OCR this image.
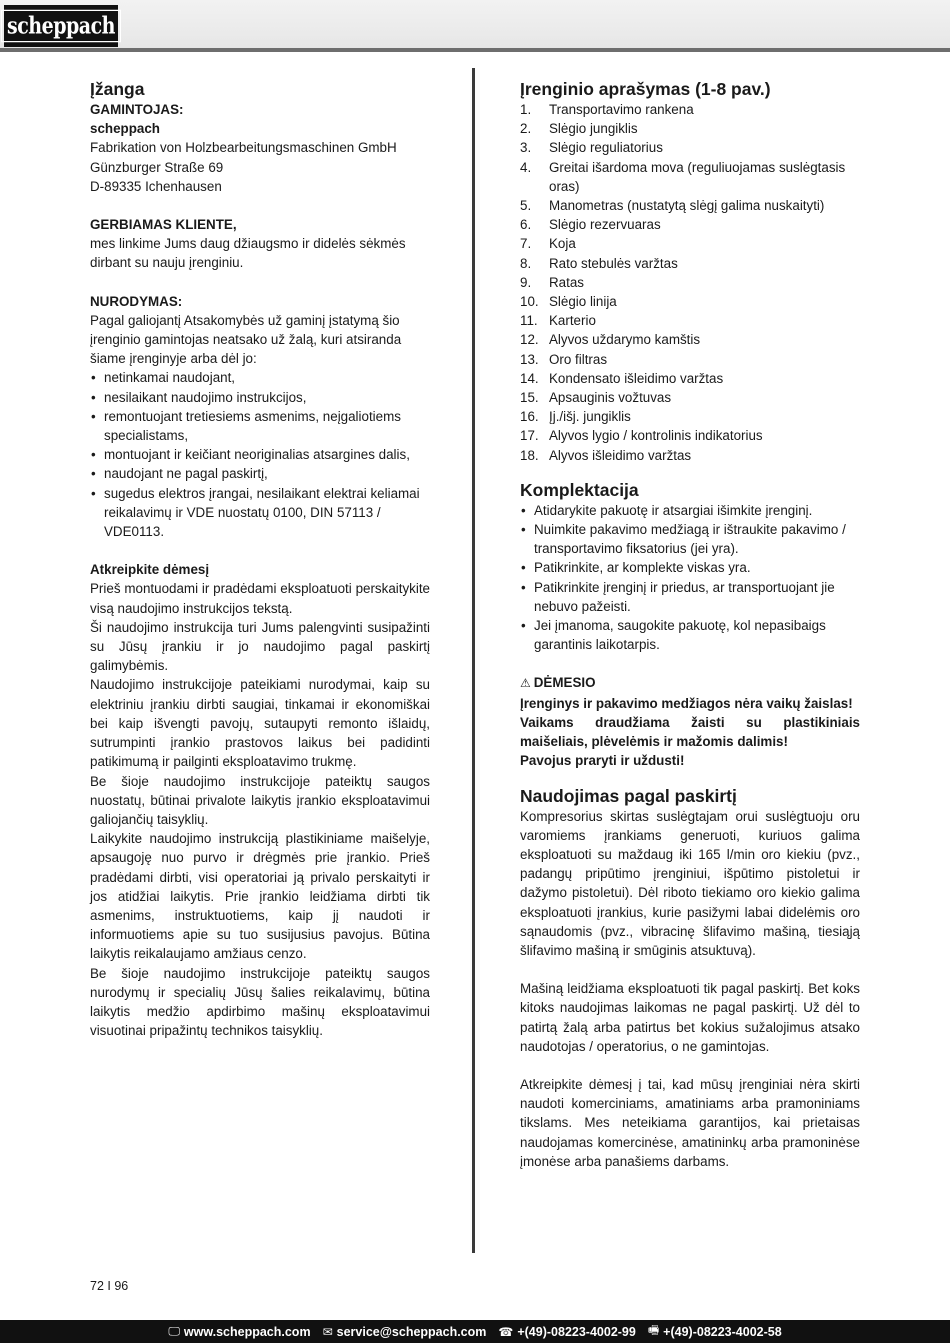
scheppach
Įžanga

GAMINTOJAS:

scheppach

Fabrikation von Holzbearbeitungsmaschinen GmbH

Günzburger Straße 69

D-89335 Ichenhausen

GERBIAMAS KLIENTE,

mes linkime Jums daug džiaugsmo ir didelės sėkmės dirbant su nauju įrenginiu.

NURODYMAS:

Pagal galiojantį Atsakomybės už gaminį įstatymą šio įrenginio gamintojas neatsako už žalą, kuri atsiranda šiame įrenginyje arba dėl jo:

• netinkamai naudojant,
• nesilaikant naudojimo instrukcijos,
• remontuojant tretiesiems asmenims, neįgaliotiems specialistams,
• montuojant ir keičiant neoriginalias atsargines dalis,
• naudojant ne pagal paskirtį,
• sugedus elektros įrangai, nesilaikant elektrai keliamai reikalavimų ir VDE nuostatų 0100, DIN 57113 / VDE0113.

Atkreipkite dėmesį

Prieš montuodami ir pradėdami eksploatuoti perskaitykite visą naudojimo instrukcijos tekstą.

Ši naudojimo instrukcija turi Jums palengvinti susipažinti su Jūsų įrankiu ir jo naudojimo pagal paskirtį galimybėmis.

Naudojimo instrukcijoje pateikiami nurodymai, kaip su elektriniu įrankiu dirbti saugiai, tinkamai ir ekonomiškai bei kaip išvengti pavojų, sutaupyti remonto išlaidų, sutrumpinti įrankio prastovos laikus bei padidinti patikimumą ir pailginti eksploatavimo trukmę.

Be šioje naudojimo instrukcijoje pateiktų saugos nuostatų, būtinai privalote laikytis įrankio eksploatavimui galiojančių taisyklių.

Laikykite naudojimo instrukciją plastikiniame maišelyje, apsaugoję nuo purvo ir drėgmės prie įrankio. Prieš pradėdami dirbti, visi operatoriai ją privalo perskaityti ir jos atidžiai laikytis. Prie įrankio leidžiama dirbti tik asmenims, instruktuotiems, kaip jį naudoti ir informuotiems apie su tuo susijusius pavojus. Būtina laikytis reikalaujamo amžiaus cenzo.

Be šioje naudojimo instrukcijoje pateiktų saugos nurodymų ir specialių Jūsų šalies reikalavimų, būtina laikytis medžio apdirbimo mašinų eksploatavimui visuotinai pripažintų technikos taisyklių.

Įrenginio aprašymas (1-8 pav.)
1.	Transportavimo rankena
2.	Slėgio jungiklis
3.	Slėgio reguliatorius
4.	Greitai išardoma mova (reguliuojamas suslėgtasis oras)
5.	Manometras (nustatytą slėgį galima nuskaityti)
6.	Slėgio rezervuaras
7.	Koja
8.	Rato stebulės varžtas
9.	Ratas
10. Slėgio linija
11. Karterio
12. Alyvos uždarymo kamštis
13. Oro filtras
14. Kondensato išleidimo varžtas
15. Apsauginis vožtuvas
16. Įj./išj. jungiklis
17. Alyvos lygio / kontrolinis indikatorius
18. Alyvos išleidimo varžtas
Komplektacija
• Atidarykite pakuotę ir atsargiai išimkite įrenginį.
• Nuimkite pakavimo medžiagą ir ištraukite pakavimo / transportavimo fiksatorius (jei yra).
• Patikrinkite, ar komplekte viskas yra.
• Patikrinkite įrenginį ir priedus, ar transportuojant jie nebuvo pažeisti.
• Jei įmanoma, saugokite pakuotę, kol nepasibaigs garantinis laikotarpis.

⚠ DĖMESIO

Įrenginys ir pakavimo medžiagos nėra vaikų žaislas!

Vaikams draudžiama žaisti su plastikiniais maišeliais, plėvelėmis ir mažomis dalimis!

Pavojus praryti ir uždusti!

Naudojimas pagal paskirtį

Kompresorius skirtas suslėgtajam orui suslėgtuoju oru varomiems įrankiams generuoti, kuriuos galima eksploatuoti su maždaug iki 165 l/min oro kiekiu (pvz., padangų pripūtimo įrenginiui, išpūtimo pistoletui ir dažymo pistoletui). Dėl riboto tiekiamo oro kiekio galima eksploatuoti įrankius, kurie pasižymi labai didelėmis oro sąnaudomis (pvz., vibracinę šlifavimo mašiną, tiesiąją šlifavimo mašiną ir smūginis atsuktuvą).

Mašiną leidžiama eksploatuoti tik pagal paskirtį. Bet koks kitoks naudojimas laikomas ne pagal paskirtį. Už dėl to patirtą žalą arba patirtus bet kokius sužalojimus atsako naudotojas / operatorius, o ne gamintojas.

Atkreipkite dėmesį į tai, kad mūsų įrenginiai nėra skirti naudoti komerciniams, amatiniams arba pramoniniams tikslams. Mes neteikiama garantijos, kai prietaisas naudojamas komercinėse, amatininkų arba pramoninėse įmonėse arba panašiems darbams.

72 I 96
🖵 www.scheppach.com ✉ service@scheppach.com ☎ +(49)-08223-4002-99 🖷 +(49)-08223-4002-58
